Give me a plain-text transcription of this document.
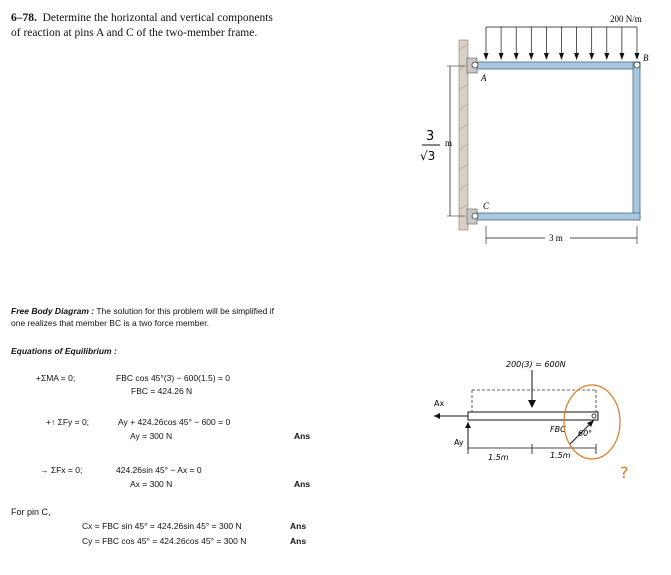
6–78. Determine the horizontal and vertical components
of reaction at pins A and C of the two-member frame.
200 N/m
A
B
C
m
3
√3
3 m
Free Body Diagram : The solution for this problem will be simplified if
one realizes that member BC is a two force member.
Equations of Equilibrium :
+ΣMA = 0;	FBC cos 45°(3) − 600(1.5) = 0
FBC = 424.26 N
+↑ ΣFy = 0;	Ay + 424.26cos 45° − 600 = 0
Ay = 300 N	Ans
→ ΣFx = 0;	424.26sin 45° − Ax = 0
Ax = 300 N	Ans
For pin C,
Cx = FBC sin 45° = 424.26sin 45° = 300 N	Ans
Cy = FBC cos 45° = 424.26cos 45° = 300 N	Ans
200(3) = 600N
Ax
Ay
1.5m	1.5m
FBC 60°
?
